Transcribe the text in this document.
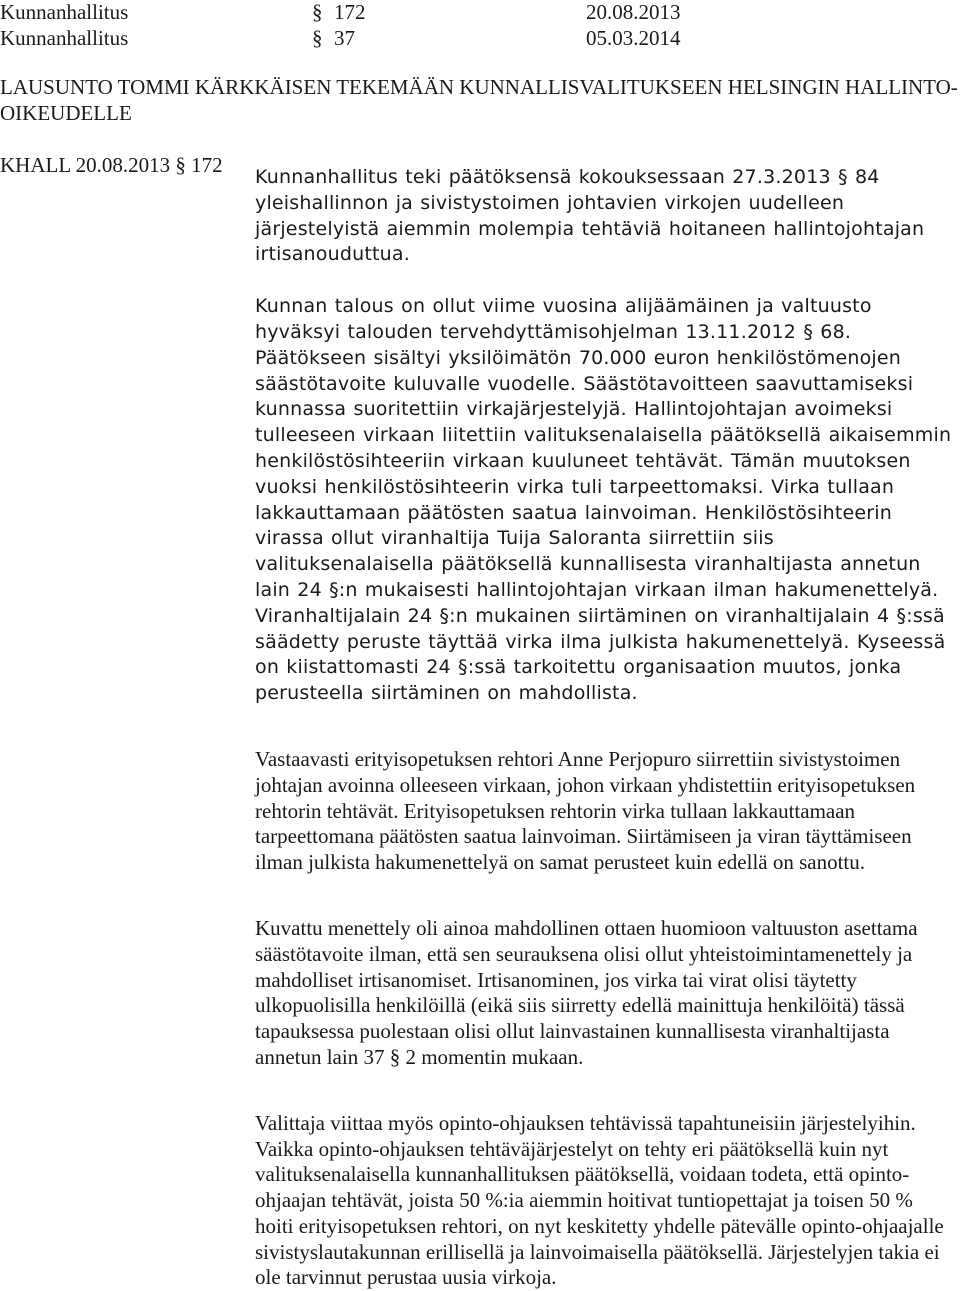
Kunnanhallitus	§ 172	20.08.2013
Kunnanhallitus	§ 37	05.03.2014
LAUSUNTO TOMMI KÄRKKÄISEN TEKEMÄÄN KUNNALLISVALITUKSEEN HELSINGIN HALLINTO-OIKEUDELLE
KHALL 20.08.2013 § 172 Kunnanhallitus teki päätöksensä kokouksessaan 27.3.2013 § 84 yleishallinnon ja sivistystoimen johtavien virkojen uudelleen järjestelyistä aiemmin molempia tehtäviä hoitaneen hallintojohtajan irtisanouduttua.

Kunnan talous on ollut viime vuosina alijäämäinen ja valtuusto hyväksyi talouden tervehdyttämisohjelman 13.11.2012 § 68. Päätökseen sisältyi yksilöimätön 70.000 euron henkilöstömenojen säästötavoite kuluvalle vuodelle. Säästötavoitteen saavuttamiseksi kunnassa suoritettiin virkajärjestelyjä. Hallintojohtajan avoimeksi tulleeseen virkaan liitettiin valituksenalaisella päätöksellä aikaisemmin henkilöstösihteeriin virkaan kuuluneet tehtävät. Tämän muutoksen vuoksi henkilöstösihteerin virka tuli tarpeettomaksi. Virka tullaan lakkauttamaan päätösten saatua lainvoiman. Henkilöstösihteerin virassa ollut viranhaltija Tuija Saloranta siirrettiin siis valituksenalaisella päätöksellä kunnallisesta viranhaltijasta annetun lain 24 §:n mukaisesti hallintojohtajan virkaan ilman hakumenettelyä. Viranhaltijalain 24 §:n mukainen siirtäminen on viranhaltijalain 4 §:ssä säädetty peruste täyttää virka ilma julkista hakumenettelyä. Kyseessä on kiistattomasti 24 §:ssä tarkoitettu organisaation muutos, jonka perusteella siirtäminen on mahdollista.

Vastaavasti erityisopetuksen rehtori Anne Perjopuro siirrettiin sivistystoimen johtajan avoinna olleeseen virkaan, johon virkaan yhdistettiin erityisopetuksen rehtorin tehtävät. Erityisopetuksen rehtorin virka tullaan lakkauttamaan tarpeettomana päätösten saatua lainvoiman. Siirtämiseen ja viran täyttämiseen ilman julkista hakumenettelyä on samat perusteet kuin edellä on sanottu.

Kuvattu menettely oli ainoa mahdollinen ottaen huomioon valtuuston asettama säästötavoite ilman, että sen seurauksena olisi ollut yhteistoimintamenettely ja mahdolliset irtisanomiset. Irtisanominen, jos virka tai virat olisi täytetty ulkopuolisilla henkilöillä (eikä siis siirretty edellä mainittuja henkilöitä) tässä tapauksessa puolestaan olisi ollut lainvastainen kunnallisesta viranhaltijasta annetun lain 37 § 2 momentin mukaan.

Valittaja viittaa myös opinto-ohjauksen tehtävissä tapahtuneisiin järjestelyihin. Vaikka opinto-ohjauksen tehtäväjärjestelyt on tehty eri päätöksellä kuin nyt valituksenalaisella kunnanhallituksen päätöksellä, voidaan todeta, että opinto-ohjaajan tehtävät, joista 50 %:ia aiemmin hoitivat tuntiopettajat ja toisen 50 % hoiti erityisopetuksen rehtori, on nyt keskitetty yhdelle pätevälle opinto-ohjaajalle sivistyslautakunnan erillisellä ja lainvoimaisella päätöksellä. Järjestelyjen takia ei ole tarvinnut perustaa uusia virkoja.
